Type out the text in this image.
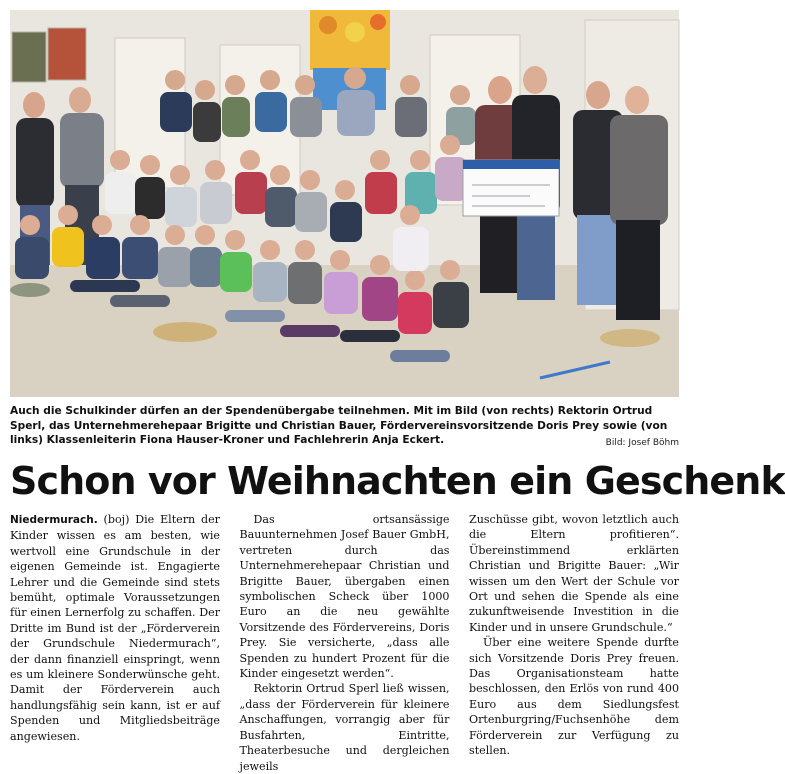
Auch die Schulkinder dürfen an der Spendenübergabe teilnehmen. Mit im Bild (von rechts) Rektorin Ortrud Sperl, das Unternehmerehepaar Brigitte und Christian Bauer, Fördervereinsvorsitzende Doris Prey sowie (von links) Klassenleiterin Fiona Hauser-Kroner und Fachlehrerin Anja Eckert.	Bild: Josef Böhm
Schon vor Weihnachten ein Geschenk

Niedermurach. (boj) Die Eltern der Kinder wissen es am besten, wie wertvoll eine Grundschule in der eigenen Gemeinde ist. Engagierte Lehrer und die Gemeinde sind stets bemüht, optimale Voraussetzungen für einen Lernerfolg zu schaffen. Der Dritte im Bund ist der „Förderverein der Grundschule Niedermurach“, der dann finanziell einspringt, wenn es um kleinere Sonderwünsche geht. Damit der Förderverein auch handlungsfähig sein kann, ist er auf Spenden und Mitgliedsbeiträge angewiesen.

Das ortsansässige Bauunternehmen Josef Bauer GmbH, vertreten durch das Unternehmerehepaar Christian und Brigitte Bauer, übergaben einen symbolischen Scheck über 1000 Euro an die neu gewählte Vorsitzende des Fördervereins, Doris Prey. Sie versicherte, „dass alle Spenden zu hundert Prozent für die Kinder eingesetzt werden“.

Rektorin Ortrud Sperl ließ wissen, „dass der Förderverein für kleinere Anschaffungen, vorrangig aber für Busfahrten, Eintritte, Theaterbesuche und dergleichen jeweils

Zuschüsse gibt, wovon letztlich auch die Eltern profitieren“. Übereinstimmend erklärten Christian und Brigitte Bauer: „Wir wissen um den Wert der Schule vor Ort und sehen die Spende als eine zukunftweisende Investition in die Kinder und in unsere Grundschule.“

Über eine weitere Spende durfte sich Vorsitzende Doris Prey freuen. Das Organisationsteam hatte beschlossen, den Erlös von rund 400 Euro aus dem Siedlungsfest Ortenburgring/Fuchsenhöhe dem Förderverein zur Verfügung zu stellen.
